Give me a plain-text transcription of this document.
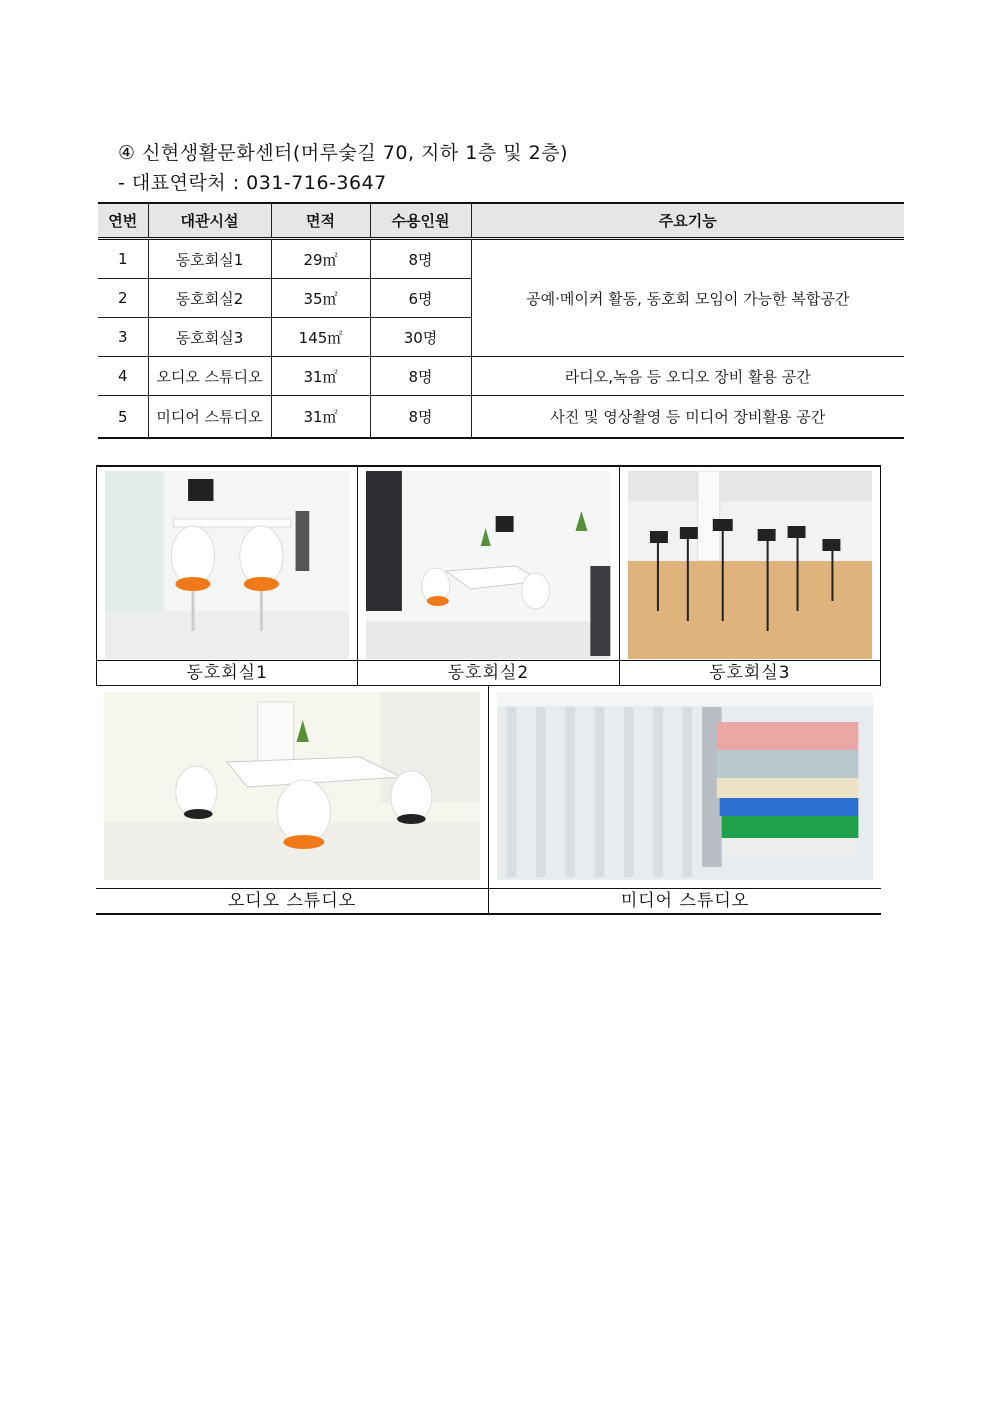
④ 신현생활문화센터(머루숯길 70, 지하 1층 및 2층)
- 대표연락처 : 031-716-3647
연번	대관시설	면적	수용인원	주요기능
1	동호회실1	29㎡	8명	공예·메이커 활동, 동호회 모임이 가능한 복합공간
2	동호회실2	35㎡	6명	
3	동호회실3	145㎡	30명	
4	오디오 스튜디오	31㎡	8명	라디오,녹음 등 오디오 장비 활용 공간
5	미디어 스튜디오	31㎡	8명	사진 및 영상촬영 등 미디어 장비활용 공간
동호회실1	동호회실2	동호회실3
오디오 스튜디오	미디어 스튜디오
